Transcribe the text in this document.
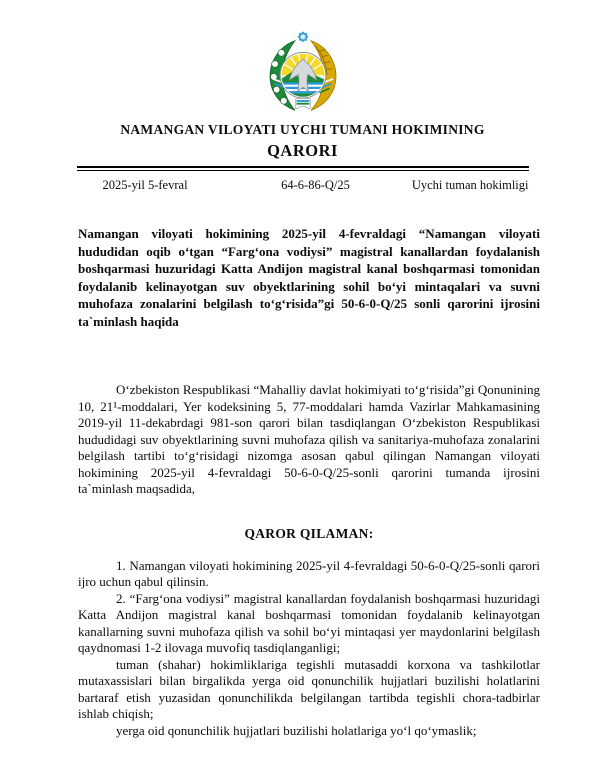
NAMANGAN VILOYATI UYCHI TUMANI HOKIMINING

QARORI

2025-yil 5-fevral	64-6-86-Q/25	Uychi tuman hokimligi

Namangan viloyati hokimining 2025-yil 4-fevraldagi “Namangan viloyati hududidan oqib o‘tgan “Farg‘ona vodiysi” magistral kanallardan foydalanish boshqarmasi huzuridagi Katta Andijon magistral kanal boshqarmasi tomonidan foydalanib kelinayotgan suv obyektlarining sohil bo‘yi mintaqalari va suvni muhofaza zonalarini belgilash to‘g‘risida”gi 50-6-0-Q/25 sonli qarorini ijrosini ta`minlash haqida

O‘zbekiston Respublikasi “Mahalliy davlat hokimiyati to‘g‘risida”gi Qonunining 10, 21¹-moddalari, Yer kodeksining 5, 77-moddalari hamda Vazirlar Mahkamasining 2019-yil 11-dekabrdagi 981-son qarori bilan tasdiqlangan O‘zbekiston Respublikasi hududidagi suv obyektlarining suvni muhofaza qilish va sanitariya-muhofaza zonalarini belgilash tartibi to‘g‘risidagi nizomga asosan qabul qilingan Namangan viloyati hokimining 2025-yil 4-fevraldagi 50-6-0-Q/25-sonli qarorini tumanda ijrosini ta`minlash maqsadida,

QAROR QILAMAN:

1. Namangan viloyati hokimining 2025-yil 4-fevraldagi 50-6-0-Q/25-sonli qarori ijro uchun qabul qilinsin.

2. “Farg‘ona vodiysi” magistral kanallardan foydalanish boshqarmasi huzuridagi Katta Andijon magistral kanal boshqarmasi tomonidan foydalanib kelinayotgan kanallarning suvni muhofaza qilish va sohil bo‘yi mintaqasi yer maydonlarini belgilash qaydnomasi 1-2 ilovaga muvofiq tasdiqlanganligi;

tuman (shahar) hokimliklariga tegishli mutasaddi korxona va tashkilotlar mutaxassislari bilan birgalikda yerga oid qonunchilik hujjatlari buzilishi holatlarini bartaraf etish yuzasidan qonunchilikda belgilangan tartibda tegishli chora-tadbirlar ishlab chiqish;

yerga oid qonunchilik hujjatlari buzilishi holatlariga yo‘l qo‘ymaslik;
